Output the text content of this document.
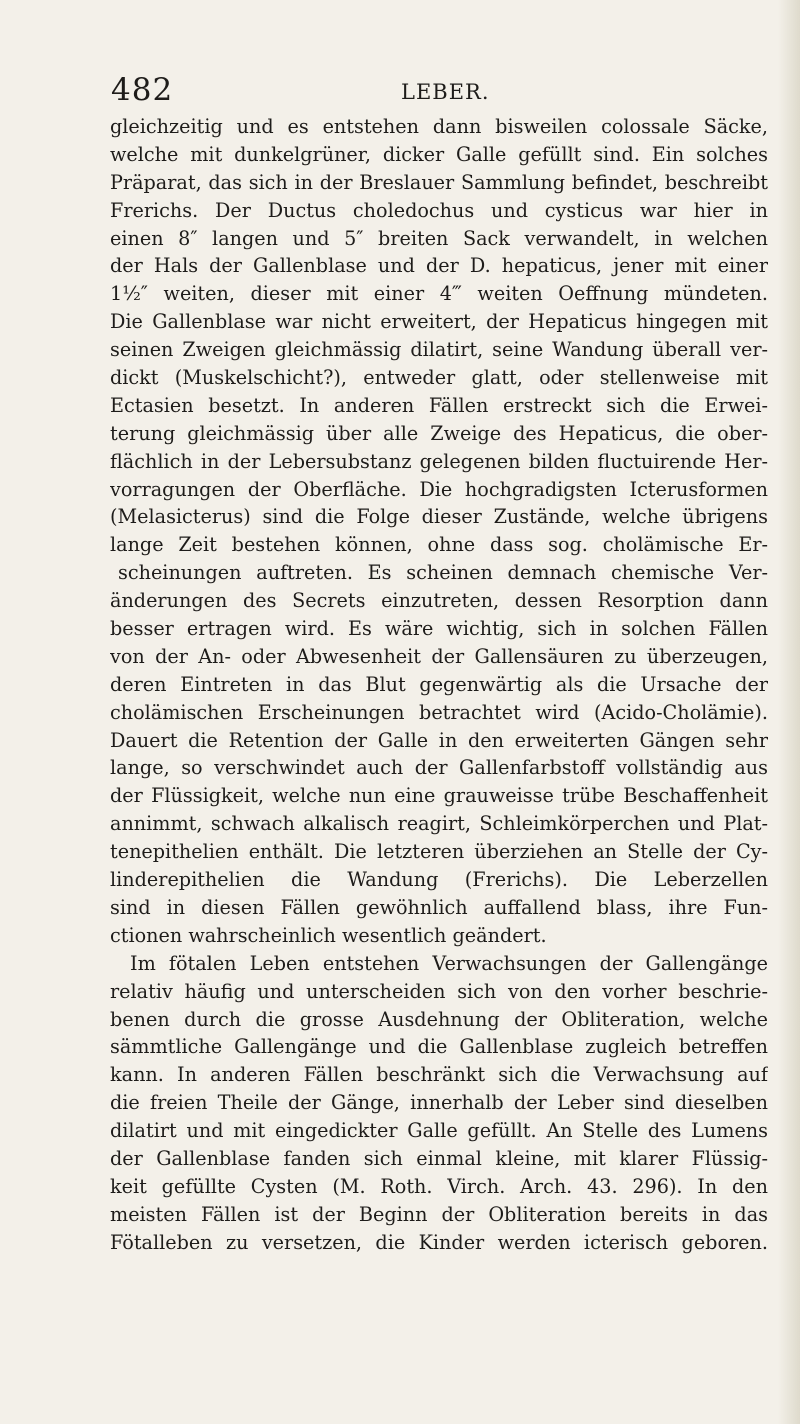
482	LEBER.
gleichzeitig und es entstehen dann bisweilen colossale Säcke,
welche mit dunkelgrüner, dicker Galle gefüllt sind. Ein solches
Präparat, das sich in der Breslauer Sammlung befindet, beschreibt
Frerichs. Der Ductus choledochus und cysticus war hier in
einen 8″ langen und 5″ breiten Sack verwandelt, in welchen
der Hals der Gallenblase und der D. hepaticus, jener mit einer
1½″ weiten, dieser mit einer 4‴ weiten Oeffnung mündeten.
Die Gallenblase war nicht erweitert, der Hepaticus hingegen mit
seinen Zweigen gleichmässig dilatirt, seine Wandung überall ver-
dickt (Muskelschicht?), entweder glatt, oder stellenweise mit
Ectasien besetzt. In anderen Fällen erstreckt sich die Erwei-
terung gleichmässig über alle Zweige des Hepaticus, die ober-
flächlich in der Lebersubstanz gelegenen bilden fluctuirende Her-
vorragungen der Oberfläche. Die hochgradigsten Icterusformen
(Melasicterus) sind die Folge dieser Zustände, welche übrigens
lange Zeit bestehen können, ohne dass sog. cholämische Er-
scheinungen auftreten. Es scheinen demnach chemische Ver-
änderungen des Secrets einzutreten, dessen Resorption dann
besser ertragen wird. Es wäre wichtig, sich in solchen Fällen
von der An- oder Abwesenheit der Gallensäuren zu überzeugen,
deren Eintreten in das Blut gegenwärtig als die Ursache der
cholämischen Erscheinungen betrachtet wird (Acido-Cholämie).
Dauert die Retention der Galle in den erweiterten Gängen sehr
lange, so verschwindet auch der Gallenfarbstoff vollständig aus
der Flüssigkeit, welche nun eine grauweisse trübe Beschaffenheit
annimmt, schwach alkalisch reagirt, Schleimkörperchen und Plat-
tenepithelien enthält. Die letzteren überziehen an Stelle der Cy-
linderepithelien die Wandung (Frerichs). Die Leberzellen
sind in diesen Fällen gewöhnlich auffallend blass, ihre Fun-
ctionen wahrscheinlich wesentlich geändert.
Im fötalen Leben entstehen Verwachsungen der Gallengänge
relativ häufig und unterscheiden sich von den vorher beschrie-
benen durch die grosse Ausdehnung der Obliteration, welche
sämmtliche Gallengänge und die Gallenblase zugleich betreffen
kann. In anderen Fällen beschränkt sich die Verwachsung auf
die freien Theile der Gänge, innerhalb der Leber sind dieselben
dilatirt und mit eingedickter Galle gefüllt. An Stelle des Lumens
der Gallenblase fanden sich einmal kleine, mit klarer Flüssig-
keit gefüllte Cysten (M. Roth. Virch. Arch. 43. 296). In den
meisten Fällen ist der Beginn der Obliteration bereits in das
Fötalleben zu versetzen, die Kinder werden icterisch geboren.
